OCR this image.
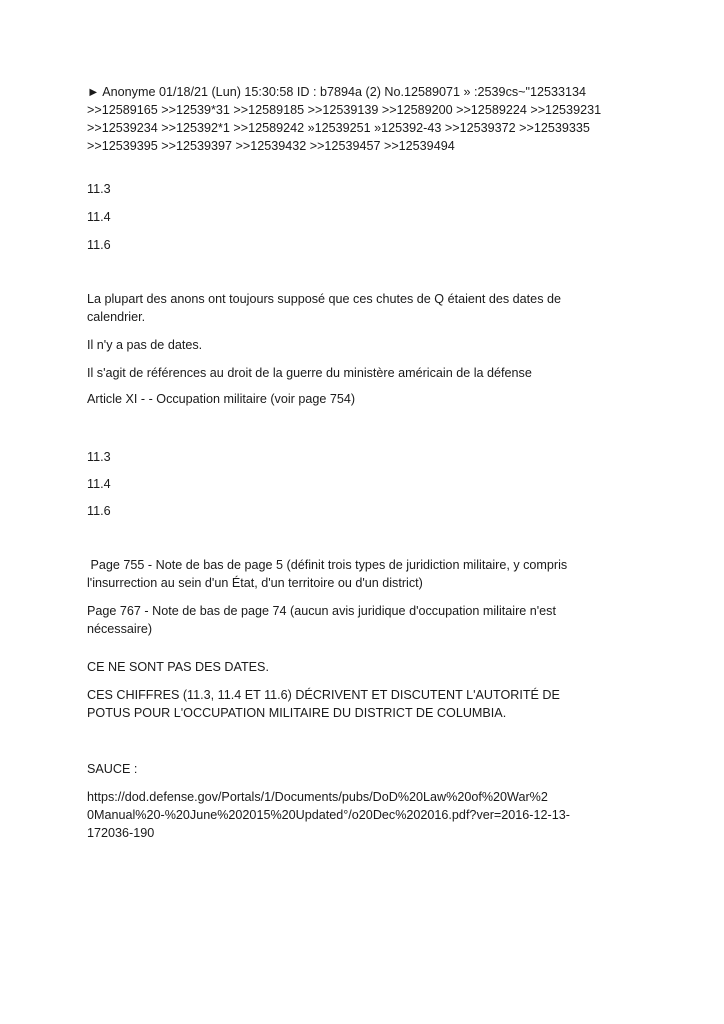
► Anonyme 01/18/21 (Lun) 15:30:58 ID : b7894a (2) No.12589071 » :2539cs~"12533134

>>12589165 >>12539*31 >>12589185 >>12539139 >>12589200 >>12589224 >>12539231

>>12539234 >>125392*1 >>12589242 »12539251 »125392-43 >>12539372 >>12539335

>>12539395 >>12539397 >>12539432 >>12539457 >>12539494

11.3

11.4

11.6

La plupart des anons ont toujours supposé que ces chutes de Q étaient des dates de
calendrier.

Il n'y a pas de dates.

Il s'agit de références au droit de la guerre du ministère américain de la défense

Article XI - - Occupation militaire (voir page 754)

11.3

11.4

11.6

Page 755 - Note de bas de page 5 (définit trois types de juridiction militaire, y compris
l'insurrection au sein d'un État, d'un territoire ou d'un district)

Page 767 - Note de bas de page 74 (aucun avis juridique d'occupation militaire n'est
nécessaire)

CE NE SONT PAS DES DATES.

CES CHIFFRES (11.3, 11.4 ET 11.6) DÉCRIVENT ET DISCUTENT L'AUTORITÉ DE
POTUS POUR L'OCCUPATION MILITAIRE DU DISTRICT DE COLUMBIA.

SAUCE :

https://dod.defense.gov/Portals/1/Documents/pubs/DoD%20Law%20of%20War%2
0Manual%20-%20June%202015%20Updated°/o20Dec%202016.pdf?ver=2016-12-13-
172036-190
